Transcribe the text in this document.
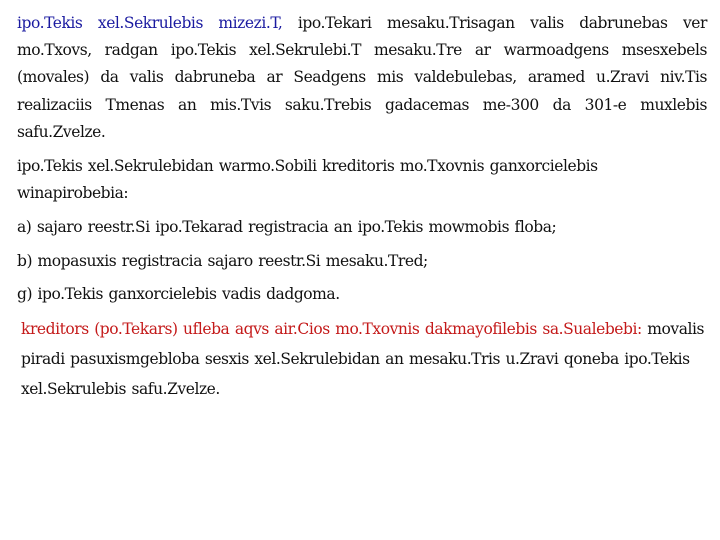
ipo.Tekis xel.Sekrulebis mizezi.T, ipo.Tekari mesaku.Trisagan valis dabrunebas ver mo.Txovs, radgan ipo.Tekis xel.Sekrulebi.T mesaku.Tre ar warmoadgens msesxebels (movales) da valis dabruneba ar Seadgens mis valdebulebas, aramed u.Zravi niv.Tis realizaciis Tmenas an mis.Tvis saku.Trebis gadacemas me-300 da 301-e muxlebis safu.Zvelze.

ipo.Tekis xel.Sekrulebidan warmo.Sobili kreditoris mo.Txovnis ganxorcielebis winapirobebia:

a) sajaro reestr.Si ipo.Tekarad registracia an ipo.Tekis mowmobis floba;

b) mopasuxis registracia sajaro reestr.Si mesaku.Tred;

g) ipo.Tekis ganxorcielebis vadis dadgoma.

kreditors (po.Tekars) ufleba aqvs air.Cios mo.Txovnis dakmayofilebis sa.Sualebebi: movalis piradi pasuxismgebloba sesxis xel.Sekrulebidan an mesaku.Tris u.Zravi qoneba ipo.Tekis xel.Sekrulebis safu.Zvelze.
